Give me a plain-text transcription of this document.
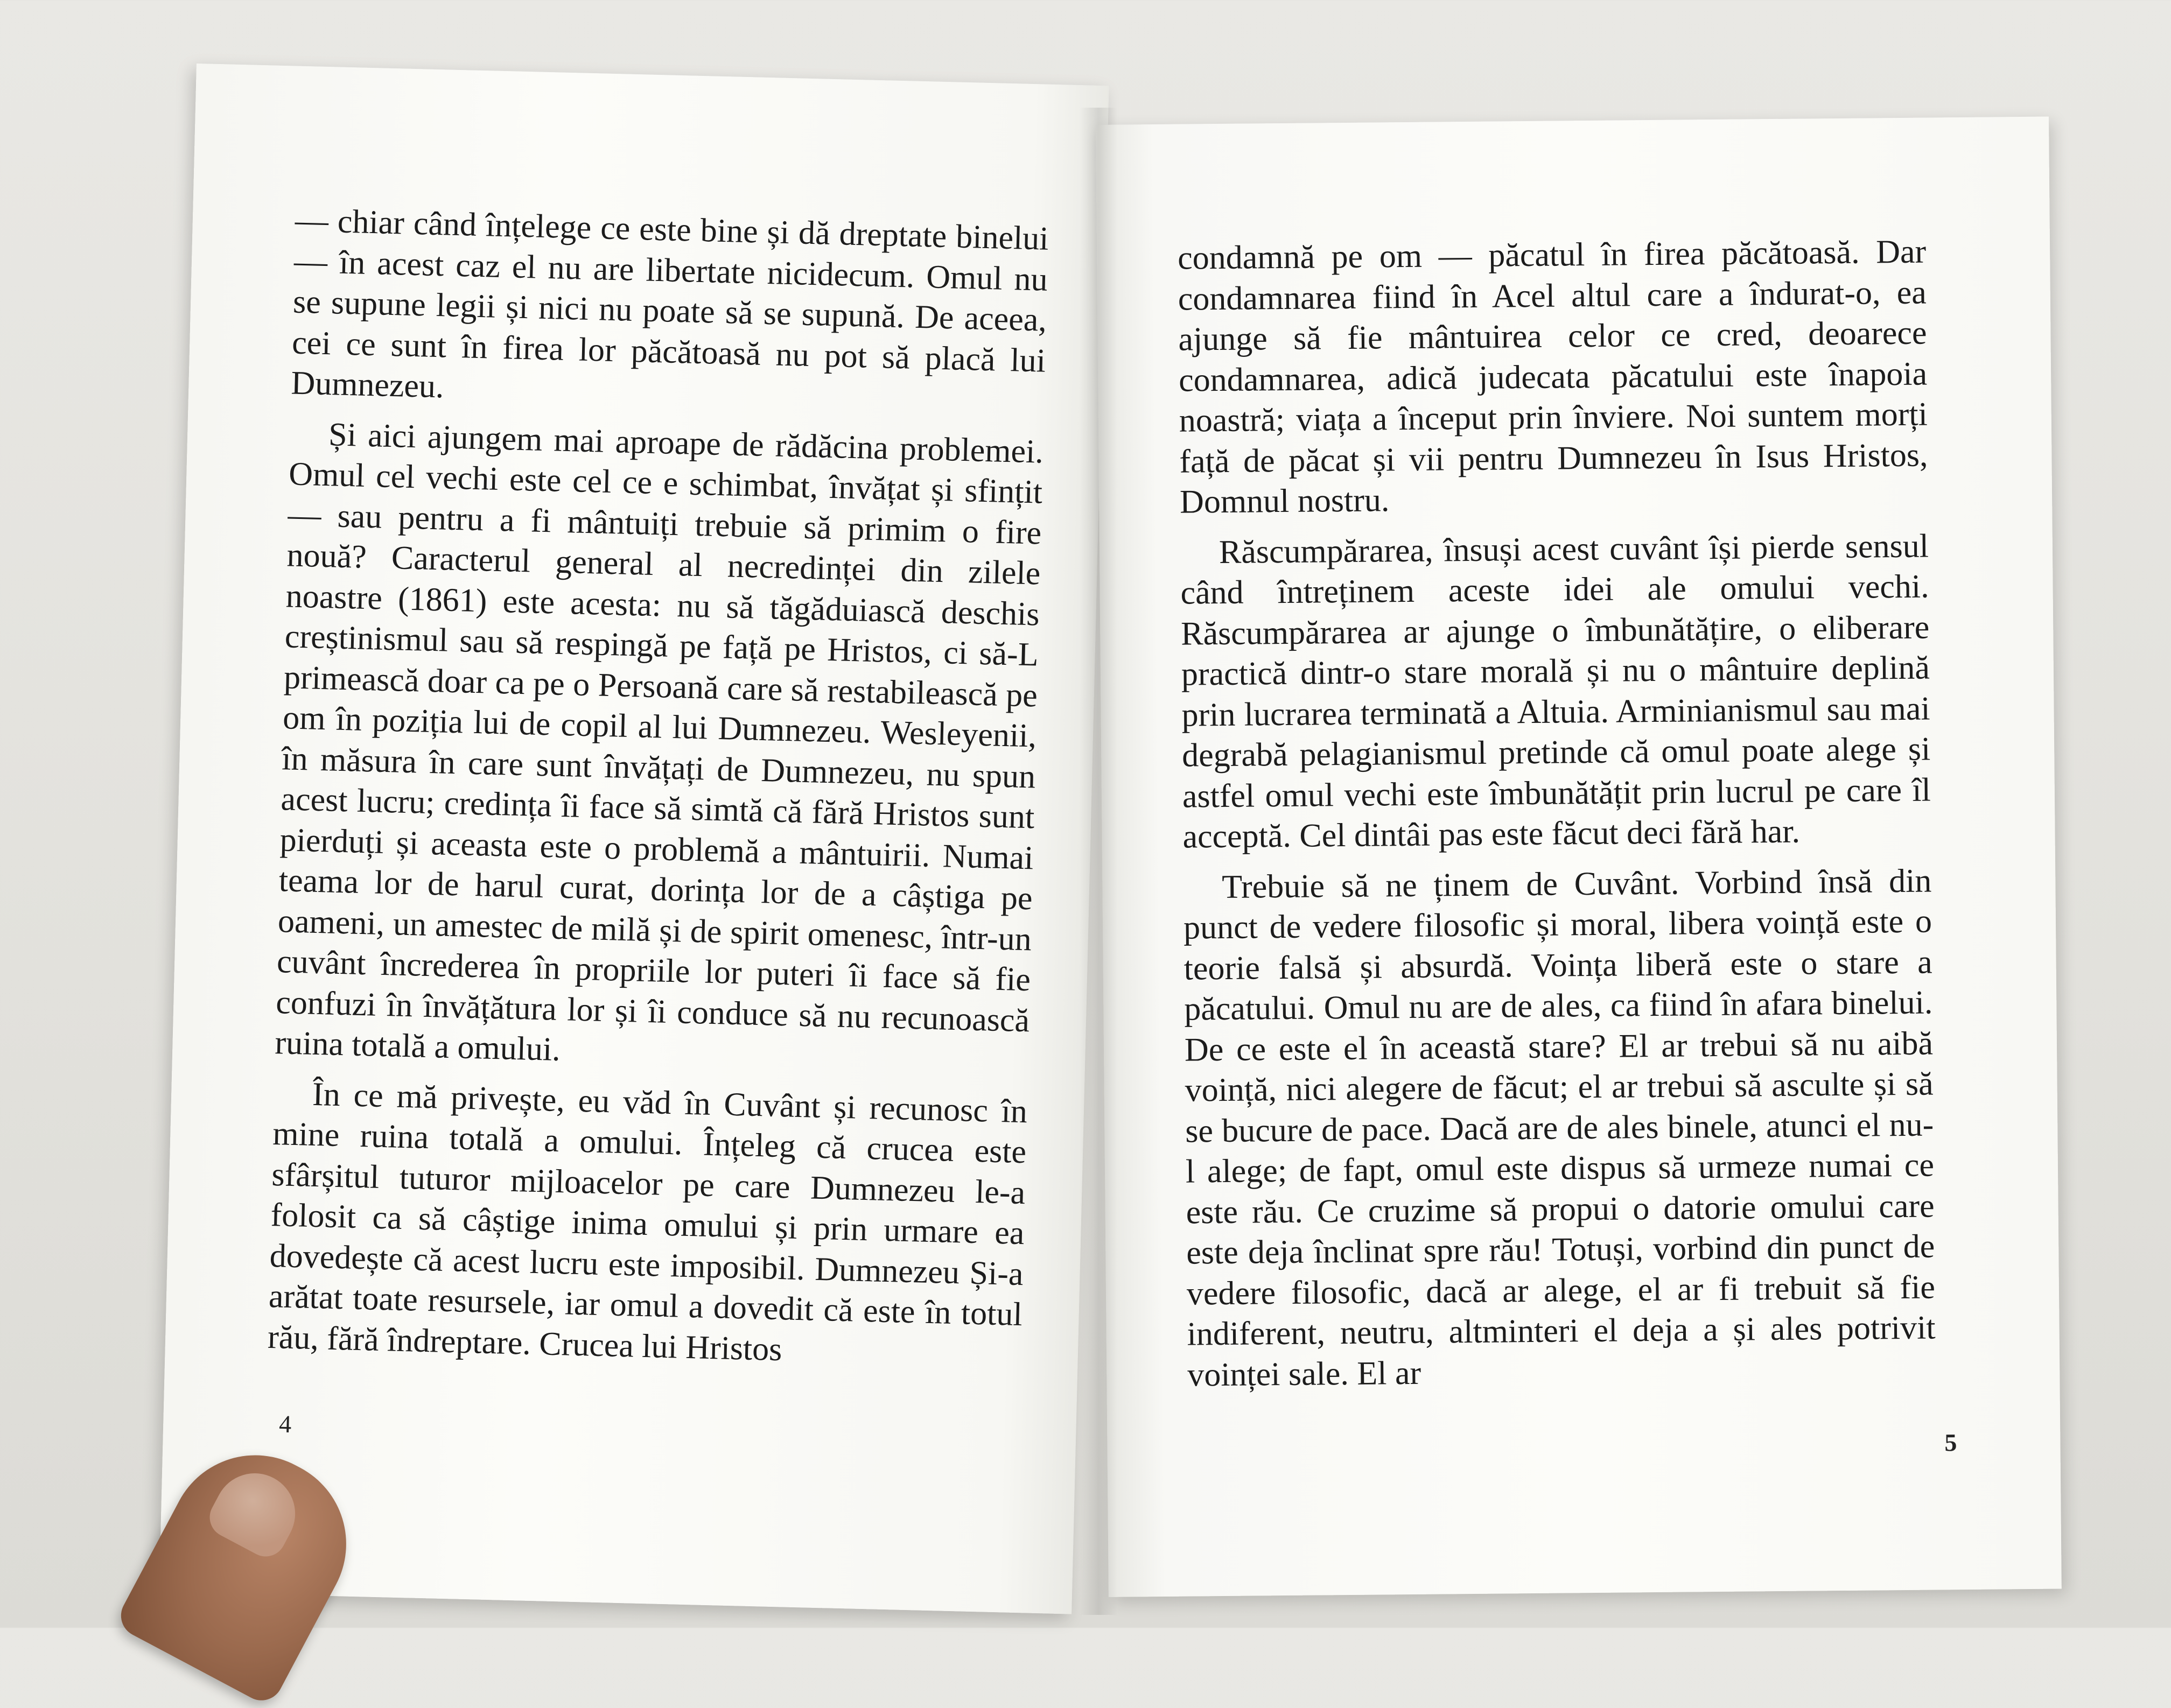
— chiar când înțelege ce este bine și dă dreptate binelui — în acest caz el nu are libertate nicidecum. Omul nu se supune legii și nici nu poate să se supună. De aceea, cei ce sunt în firea lor păcătoasă nu pot să placă lui Dumnezeu.

Și aici ajungem mai aproape de rădăcina problemei. Omul cel vechi este cel ce e schimbat, învățat și sfințit — sau pentru a fi mântuiți trebuie să primim o fire nouă? Caracterul general al necredinței din zilele noastre (1861) este acesta: nu să tăgăduiască deschis creștinismul sau să respingă pe față pe Hristos, ci să-L primească doar ca pe o Persoană care să restabilească pe om în poziția lui de copil al lui Dumnezeu. Wesleyenii, în măsura în care sunt învățați de Dumnezeu, nu spun acest lucru; credința îi face să simtă că fără Hristos sunt pierduți și aceasta este o problemă a mântuirii. Numai teama lor de harul curat, dorința lor de a câștiga pe oameni, un amestec de milă și de spirit omenesc, într-un cuvânt încrederea în propriile lor puteri îi face să fie confuzi în învățătura lor și îi conduce să nu recunoască ruina totală a omului.

În ce mă privește, eu văd în Cuvânt și recunosc în mine ruina totală a omului. Înțeleg că crucea este sfârșitul tuturor mijloacelor pe care Dumnezeu le-a folosit ca să câștige inima omului și prin urmare ea dovedește că acest lucru este imposibil. Dumnezeu Și-a arătat toate resursele, iar omul a dovedit că este în totul rău, fără îndreptare. Crucea lui Hristos

4

condamnă pe om — păcatul în firea păcătoasă. Dar condamnarea fiind în Acel altul care a îndurat-o, ea ajunge să fie mântuirea celor ce cred, deoarece condamnarea, adică judecata păcatului este înapoia noastră; viața a început prin înviere. Noi suntem morți față de păcat și vii pentru Dumnezeu în Isus Hristos, Domnul nostru.

Răscumpărarea, însuși acest cuvânt își pierde sensul când întreținem aceste idei ale omului vechi. Răscumpărarea ar ajunge o îmbunătățire, o eliberare practică dintr-o stare morală și nu o mântuire deplină prin lucrarea terminată a Altuia. Arminianismul sau mai degrabă pelagianismul pretinde că omul poate alege și astfel omul vechi este îmbunătățit prin lucrul pe care îl acceptă. Cel dintâi pas este făcut deci fără har.

Trebuie să ne ținem de Cuvânt. Vorbind însă din punct de vedere filosofic și moral, libera voință este o teorie falsă și absurdă. Voința liberă este o stare a păcatului. Omul nu are de ales, ca fiind în afara binelui. De ce este el în această stare? El ar trebui să nu aibă voință, nici alegere de făcut; el ar trebui să asculte și să se bucure de pace. Dacă are de ales binele, atunci el nu-l alege; de fapt, omul este dispus să urmeze numai ce este rău. Ce cruzime să propui o datorie omului care este deja înclinat spre rău! Totuși, vorbind din punct de vedere filosofic, dacă ar alege, el ar fi trebuit să fie indiferent, neutru, altminteri el deja a și ales potrivit voinței sale. El ar

5
